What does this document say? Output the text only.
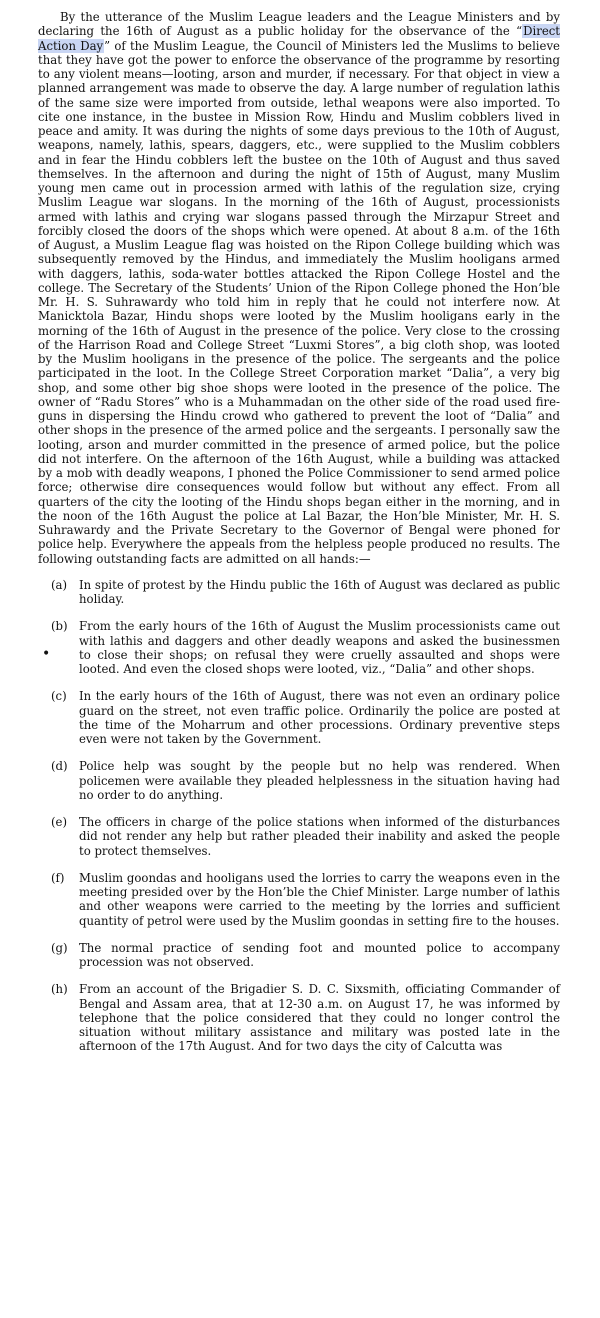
By the utterance of the Muslim League leaders and the League Ministers and by declaring the 16th of August as a public holiday for the observance of the “Direct Action Day” of the Muslim League, the Council of Ministers led the Muslims to believe that they have got the power to enforce the observance of the programme by resorting to any violent means—looting, arson and murder, if necessary. For that object in view a planned arrangement was made to observe the day. A large number of regulation lathis of the same size were imported from outside, lethal weapons were also imported. To cite one instance, in the bustee in Mission Row, Hindu and Muslim cobblers lived in peace and amity. It was during the nights of some days previous to the 10th of August, weapons, namely, lathis, spears, daggers, etc., were supplied to the Muslim cobblers and in fear the Hindu cobblers left the bustee on the 10th of August and thus saved themselves. In the afternoon and during the night of 15th of August, many Muslim young men came out in procession armed with lathis of the regulation size, crying Muslim League war slogans. In the morning of the 16th of August, processionists armed with lathis and crying war slogans passed through the Mirzapur Street and forcibly closed the doors of the shops which were opened. At about 8 a.m. of the 16th of August, a Muslim League flag was hoisted on the Ripon College building which was subsequently removed by the Hindus, and immediately the Muslim hooligans armed with daggers, lathis, soda-water bottles attacked the Ripon College Hostel and the college. The Secretary of the Students’ Union of the Ripon College phoned the Hon’ble Mr. H. S. Suhrawardy who told him in reply that he could not interfere now. At Manicktola Bazar, Hindu shops were looted by the Muslim hooligans early in the morning of the 16th of August in the presence of the police. Very close to the crossing of the Harrison Road and College Street “Luxmi Stores”, a big cloth shop, was looted by the Muslim hooligans in the presence of the police. The sergeants and the police participated in the loot. In the College Street Corporation market “Dalia”, a very big shop, and some other big shoe shops were looted in the presence of the police. The owner of “Radu Stores” who is a Muhammadan on the other side of the road used fire-guns in dispersing the Hindu crowd who gathered to prevent the loot of “Dalia” and other shops in the presence of the armed police and the sergeants. I personally saw the looting, arson and murder committed in the presence of armed police, but the police did not interfere. On the afternoon of the 16th August, while a building was attacked by a mob with deadly weapons, I phoned the Police Commissioner to send armed police force; otherwise dire consequences would follow but without any effect. From all quarters of the city the looting of the Hindu shops began either in the morning, and in the noon of the 16th August the police at Lal Bazar, the Hon’ble Minister, Mr. H. S. Suhrawardy and the Private Secretary to the Governor of Bengal were phoned for police help. Everywhere the appeals from the helpless people produced no results. The following outstanding facts are admitted on all hands:—

(a) In spite of protest by the Hindu public the 16th of August was declared as public holiday.
(b)
•
From the early hours of the 16th of August the Muslim processionists came out with lathis and daggers and other deadly weapons and asked the businessmen to close their shops; on refusal they were cruelly assaulted and shops were looted. And even the closed shops were looted, viz., “Dalia” and other shops.
(c) In the early hours of the 16th of August, there was not even an ordinary police guard on the street, not even traffic police. Ordinarily the police are posted at the time of the Moharrum and other processions. Ordinary preventive steps even were not taken by the Government.
(d) Police help was sought by the people but no help was rendered. When policemen were available they pleaded helplessness in the situation having had no order to do anything.
(e) The officers in charge of the police stations when informed of the disturbances did not render any help but rather pleaded their inability and asked the people to protect themselves.
(f) Muslim goondas and hooligans used the lorries to carry the weapons even in the meeting presided over by the Hon’ble the Chief Minister. Large number of lathis and other weapons were carried to the meeting by the lorries and sufficient quantity of petrol were used by the Muslim goondas in setting fire to the houses.
(g) The normal practice of sending foot and mounted police to accompany procession was not observed.
(h) From an account of the Brigadier S. D. C. Sixsmith, officiating Commander of Bengal and Assam area, that at 12-30 a.m. on August 17, he was informed by telephone that the police considered that they could no longer control the situation without military assistance and military was posted late in the afternoon of the 17th August. And for two days the city of Calcutta was
